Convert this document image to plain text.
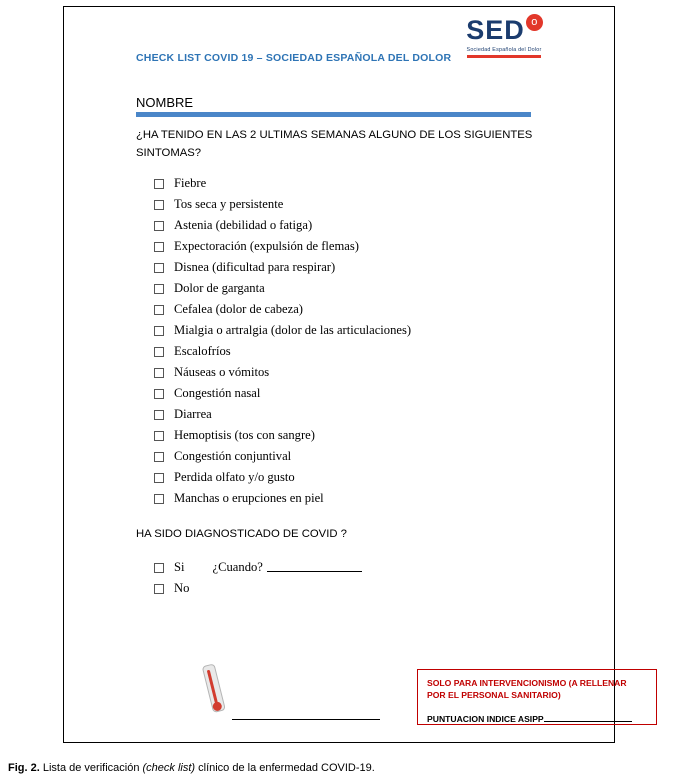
SED o
Sociedad Española del Dolor
CHECK LIST COVID 19 – SOCIEDAD ESPAÑOLA DEL DOLOR
NOMBRE
¿HA TENIDO EN LAS 2 ULTIMAS SEMANAS ALGUNO DE LOS SIGUIENTES SINTOMAS?
Fiebre
Tos seca y persistente
Astenia (debilidad o fatiga)
Expectoración (expulsión de flemas)
Disnea (dificultad para respirar)
Dolor de garganta
Cefalea (dolor de cabeza)
Mialgia o artralgia (dolor de las articulaciones)
Escalofríos
Náuseas o vómitos
Congestión nasal
Diarrea
Hemoptisis (tos con sangre)
Congestión conjuntival
Perdida olfato y/o gusto
Manchas o erupciones en piel
HA SIDO DIAGNOSTICADO DE COVID ?
Si ¿Cuando?
No
SOLO PARA INTERVENCIONISMO (A RELLENAR POR EL PERSONAL SANITARIO)
PUNTUACION INDICE ASIPP
Fig. 2. Lista de verificación (check list) clínico de la enfermedad COVID-19.
